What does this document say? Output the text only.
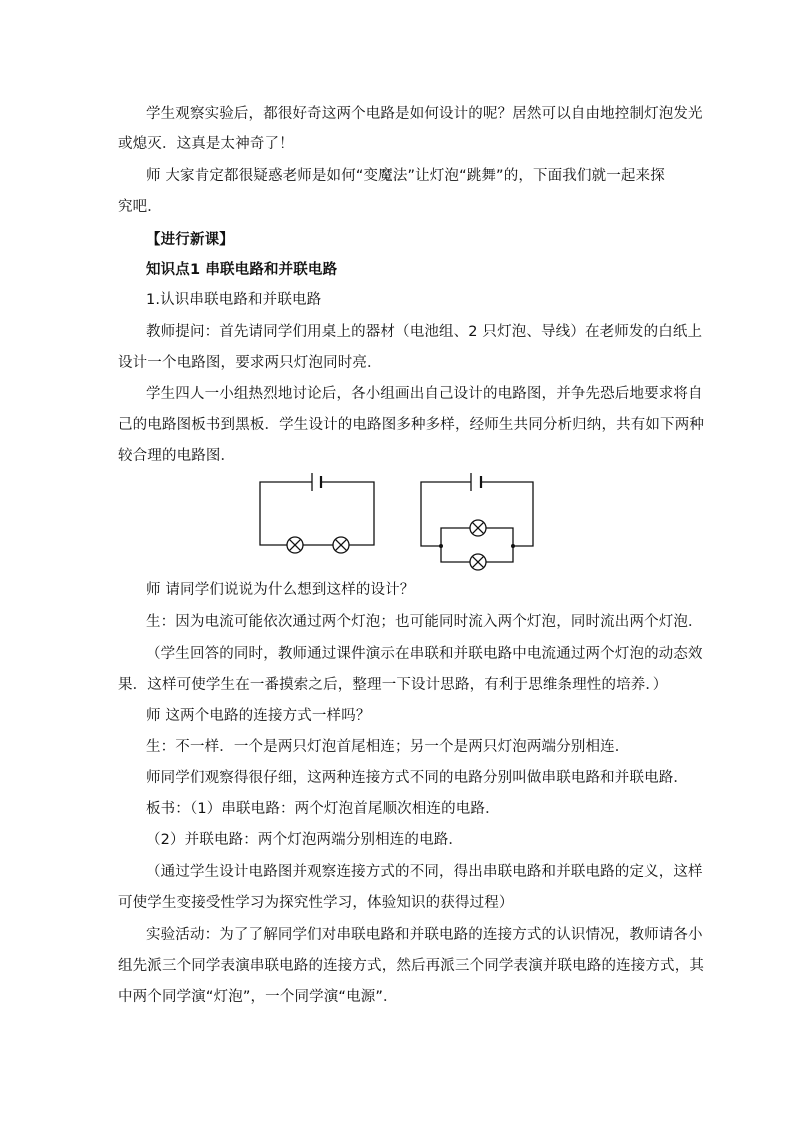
学生观察实验后，都很好奇这两个电路是如何设计的呢？居然可以自由地控制灯泡发光
或熄灭．这真是太神奇了！
师 大家肯定都很疑惑老师是如何“变魔法”让灯泡“跳舞”的，下面我们就一起来探
究吧．
【进行新课】
知识点1 串联电路和并联电路
1.认识串联电路和并联电路
教师提问：首先请同学们用桌上的器材（电池组、2 只灯泡、导线）在老师发的白纸上
设计一个电路图，要求两只灯泡同时亮．
学生四人一小组热烈地讨论后，各小组画出自己设计的电路图，并争先恐后地要求将自
己的电路图板书到黑板．学生设计的电路图多种多样，经师生共同分析归纳，共有如下两种
较合理的电路图．
师 请同学们说说为什么想到这样的设计？
生：因为电流可能依次通过两个灯泡；也可能同时流入两个灯泡，同时流出两个灯泡．
（学生回答的同时，教师通过课件演示在串联和并联电路中电流通过两个灯泡的动态效
果．这样可使学生在一番摸索之后，整理一下设计思路，有利于思维条理性的培养．）
师 这两个电路的连接方式一样吗？
生：不一样．一个是两只灯泡首尾相连；另一个是两只灯泡两端分别相连．
师同学们观察得很仔细，这两种连接方式不同的电路分别叫做串联电路和并联电路．
板书：（1）串联电路：两个灯泡首尾顺次相连的电路．
（2）并联电路：两个灯泡两端分别相连的电路．
（通过学生设计电路图并观察连接方式的不同，得出串联电路和并联电路的定义，这样
可使学生变接受性学习为探究性学习，体验知识的获得过程）
实验活动：为了了解同学们对串联电路和并联电路的连接方式的认识情况，教师请各小
组先派三个同学表演串联电路的连接方式，然后再派三个同学表演并联电路的连接方式，其
中两个同学演“灯泡”，一个同学演“电源”．
